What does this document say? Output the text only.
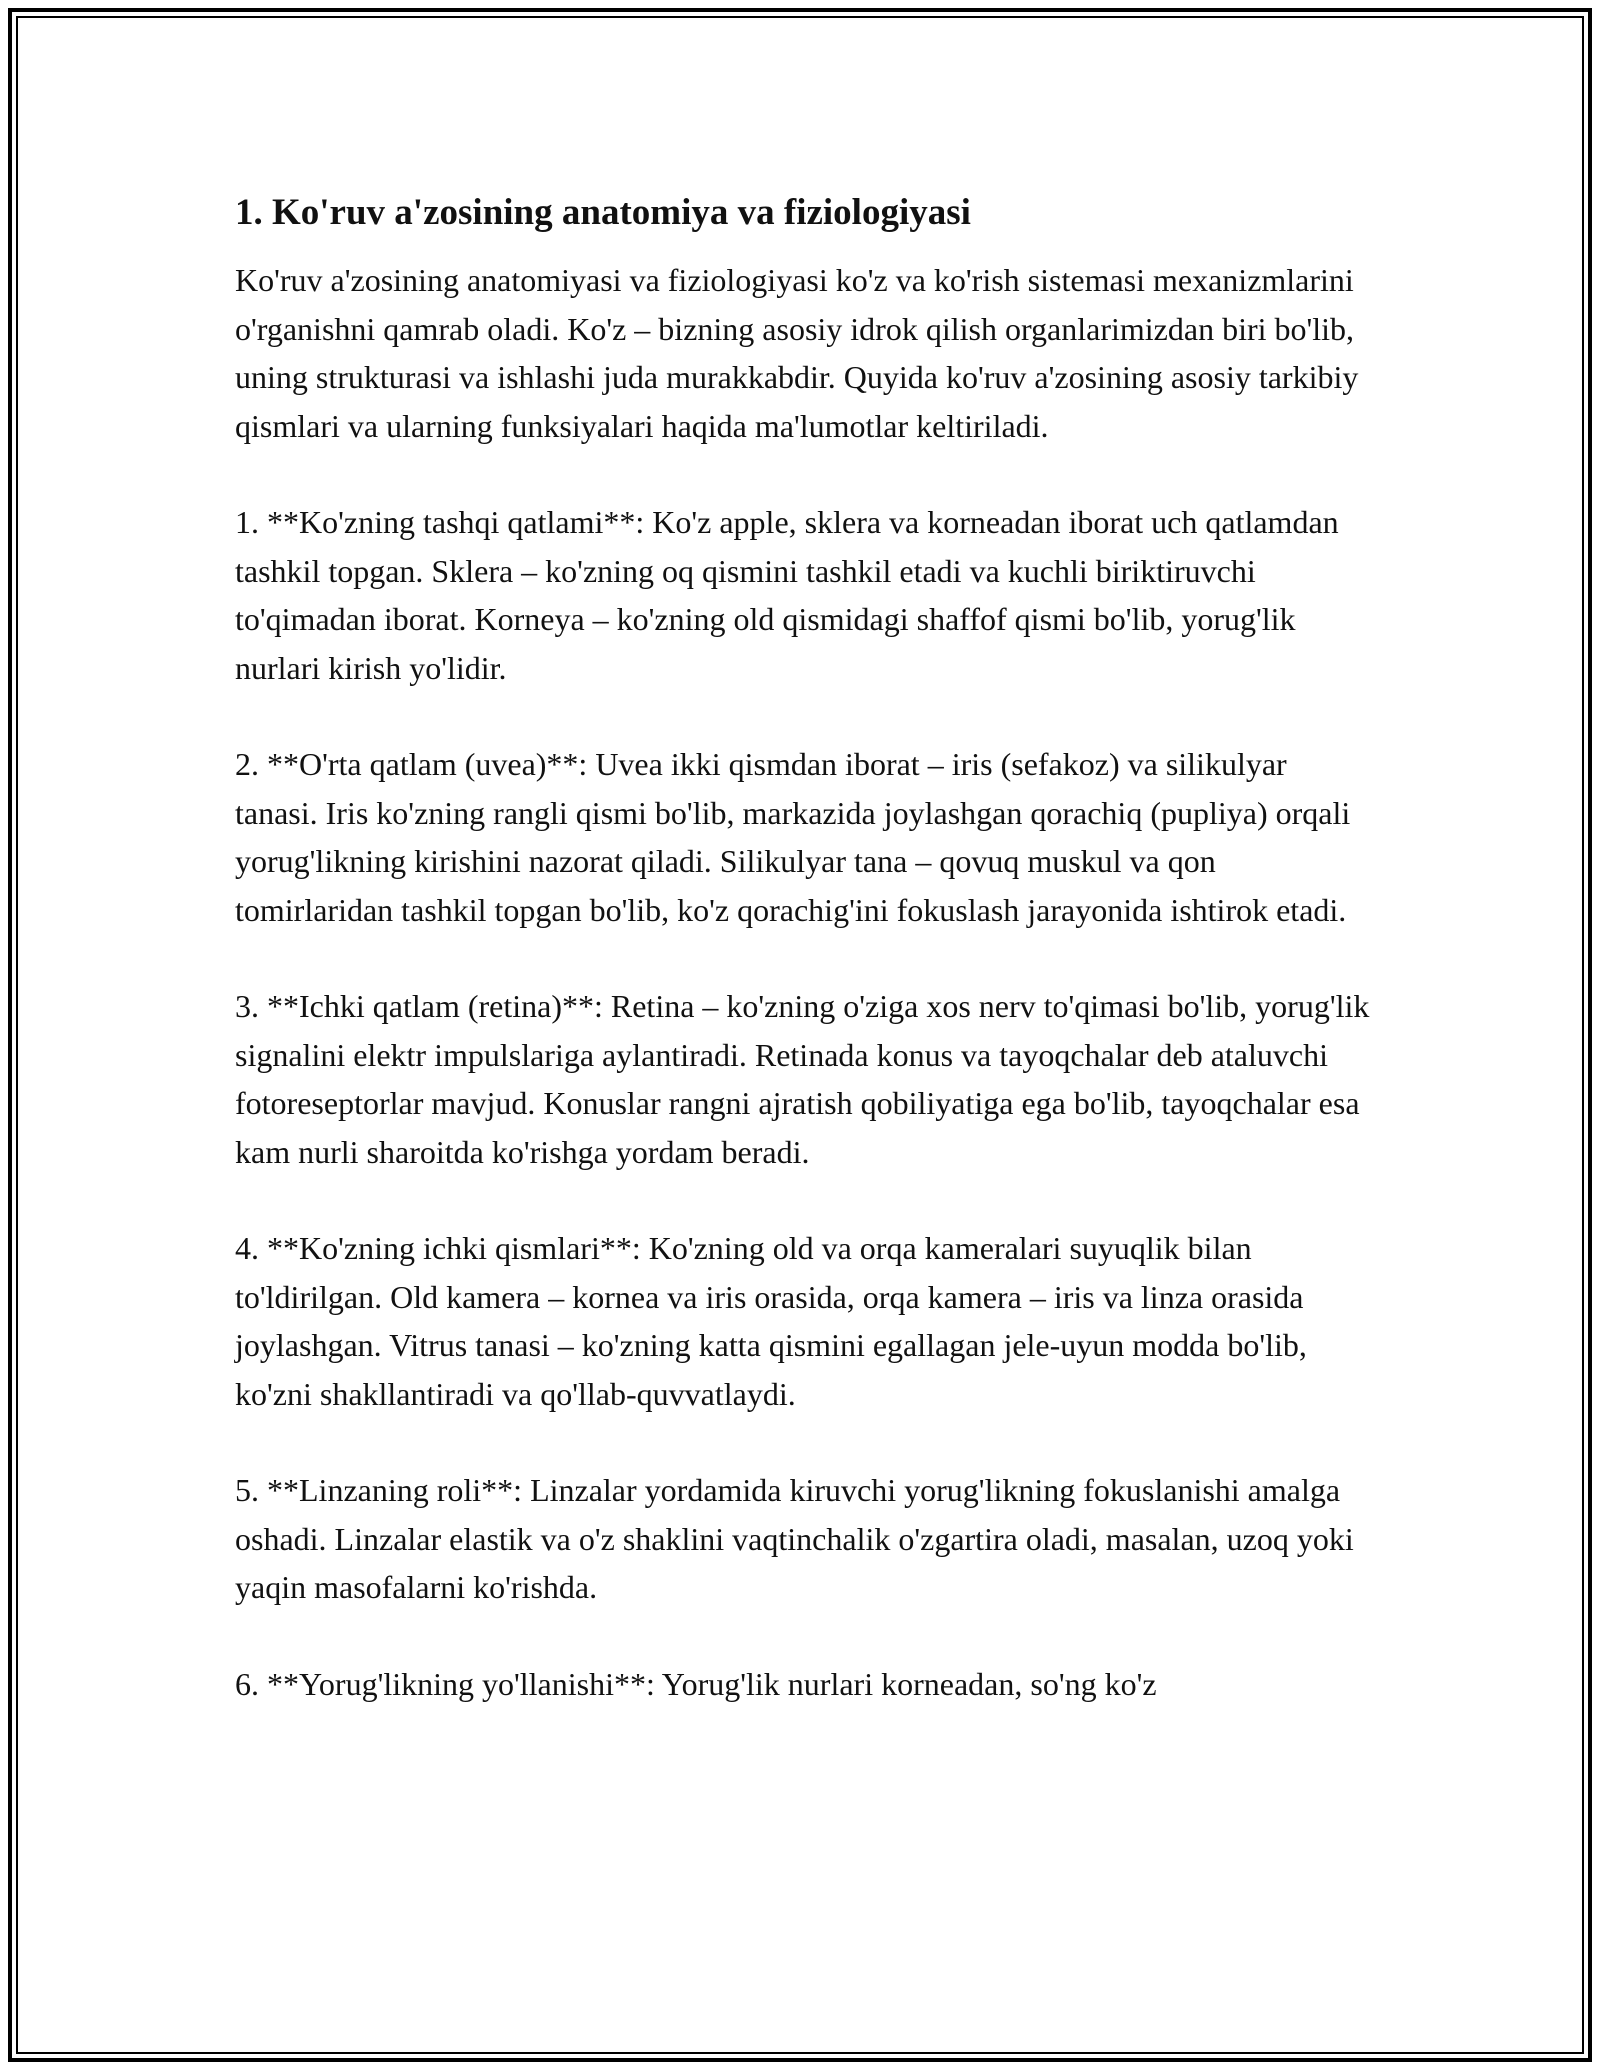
1. Ko'ruv a'zosining anatomiya va fiziologiyasi

Ko'ruv a'zosining anatomiyasi va fiziologiyasi ko'z va ko'rish sistemasi mexanizmlarini o'rganishni qamrab oladi. Ko'z – bizning asosiy idrok qilish organlarimizdan biri bo'lib, uning strukturasi va ishlashi juda murakkabdir. Quyida ko'ruv a'zosining asosiy tarkibiy qismlari va ularning funksiyalari haqida ma'lumotlar keltiriladi.

1. **Ko'zning tashqi qatlami**: Ko'z apple, sklera va korneadan iborat uch qatlamdan tashkil topgan. Sklera – ko'zning oq qismini tashkil etadi va kuchli biriktiruvchi to'qimadan iborat. Korneya – ko'zning old qismidagi shaffof qismi bo'lib, yorug'lik nurlari kirish yo'lidir.

2. **O'rta qatlam (uvea)**: Uvea ikki qismdan iborat – iris (sefakoz) va silikulyar tanasi. Iris ko'zning rangli qismi bo'lib, markazida joylashgan qorachiq (pupliya) orqali yorug'likning kirishini nazorat qiladi. Silikulyar tana – qovuq muskul va qon tomirlaridan tashkil topgan bo'lib, ko'z qorachig'ini fokuslash jarayonida ishtirok etadi.

3. **Ichki qatlam (retina)**: Retina – ko'zning o'ziga xos nerv to'qimasi bo'lib, yorug'lik signalini elektr impulslariga aylantiradi. Retinada konus va tayoqchalar deb ataluvchi fotoreseptorlar mavjud. Konuslar rangni ajratish qobiliyatiga ega bo'lib, tayoqchalar esa kam nurli sharoitda ko'rishga yordam beradi.

4. **Ko'zning ichki qismlari**: Ko'zning old va orqa kameralari suyuqlik bilan to'ldirilgan. Old kamera – kornea va iris orasida, orqa kamera – iris va linza orasida joylashgan. Vitrus tanasi – ko'zning katta qismini egallagan jele-uyun modda bo'lib, ko'zni shakllantiradi va qo'llab-quvvatlaydi.

5. **Linzaning roli**: Linzalar yordamida kiruvchi yorug'likning fokuslanishi amalga oshadi. Linzalar elastik va o'z shaklini vaqtinchalik o'zgartira oladi, masalan, uzoq yoki yaqin masofalarni ko'rishda.

6. **Yorug'likning yo'llanishi**: Yorug'lik nurlari korneadan, so'ng ko'z
